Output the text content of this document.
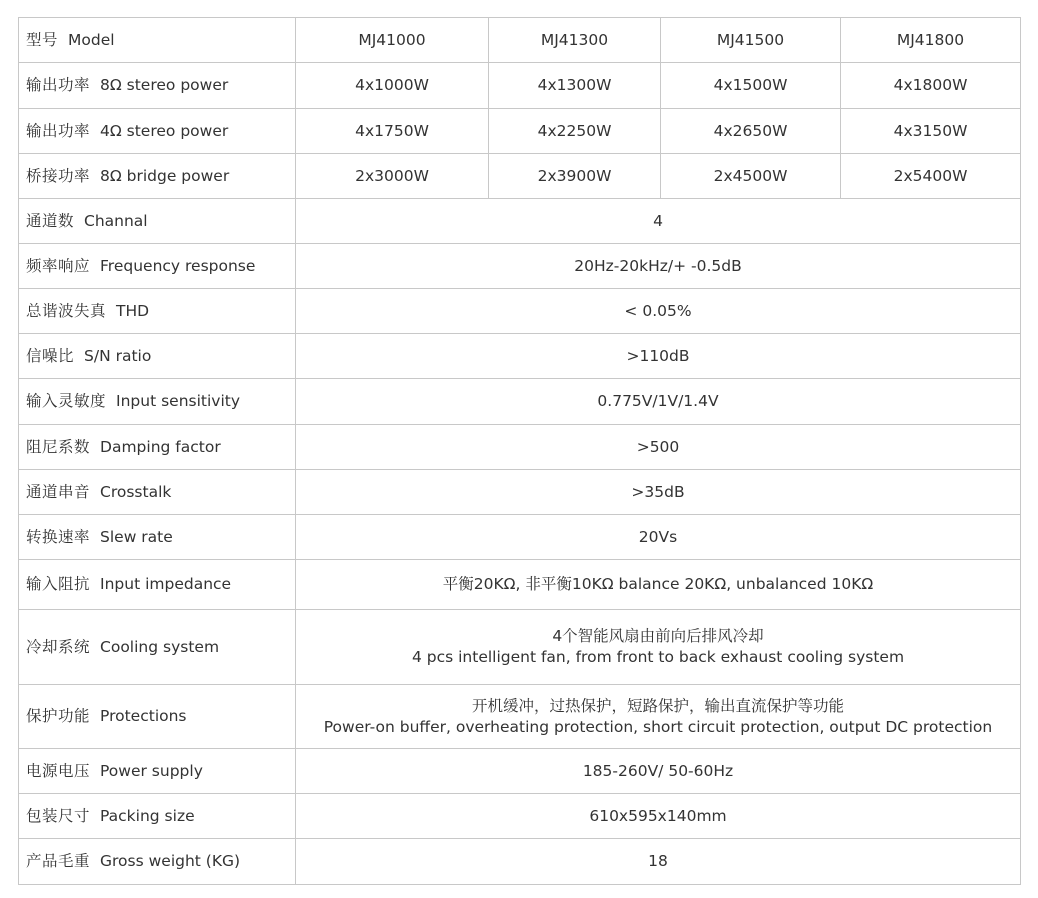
型号 Model	MJ41000	MJ41300	MJ41500	MJ41800
输出功率 8Ω stereo power	4x1000W	4x1300W	4x1500W	4x1800W
输出功率 4Ω stereo power	4x1750W	4x2250W	4x2650W	4x3150W
桥接功率 8Ω bridge power	2x3000W	2x3900W	2x4500W	2x5400W
通道数 Channal	4			

频率响应 Frequency response	20Hz-20kHz/+ -0.5dB			

总谐波失真 THD	< 0.05%			

信噪比 S/N ratio	>110dB			

输入灵敏度 Input sensitivity	0.775V/1V/1.4V			

阻尼系数 Damping factor	>500			

通道串音 Crosstalk	>35dB			

转换速率 Slew rate	20Vs			

输入阻抗 Input impedance	平衡20KΩ, 非平衡10KΩ balance 20KΩ, unbalanced 10KΩ			

冷却系统 Cooling system	4个智能风扇由前向后排风冷却
4 pcs intelligent fan, from front to back exhaust cooling system			

保护功能 Protections	开机缓冲，过热保护，短路保护，输出直流保护等功能
Power-on buffer, overheating protection, short circuit protection, output DC protection			

电源电压 Power supply	185-260V/ 50-60Hz			

包装尺寸 Packing size	610x595x140mm			

产品毛重 Gross weight (KG)	18			
